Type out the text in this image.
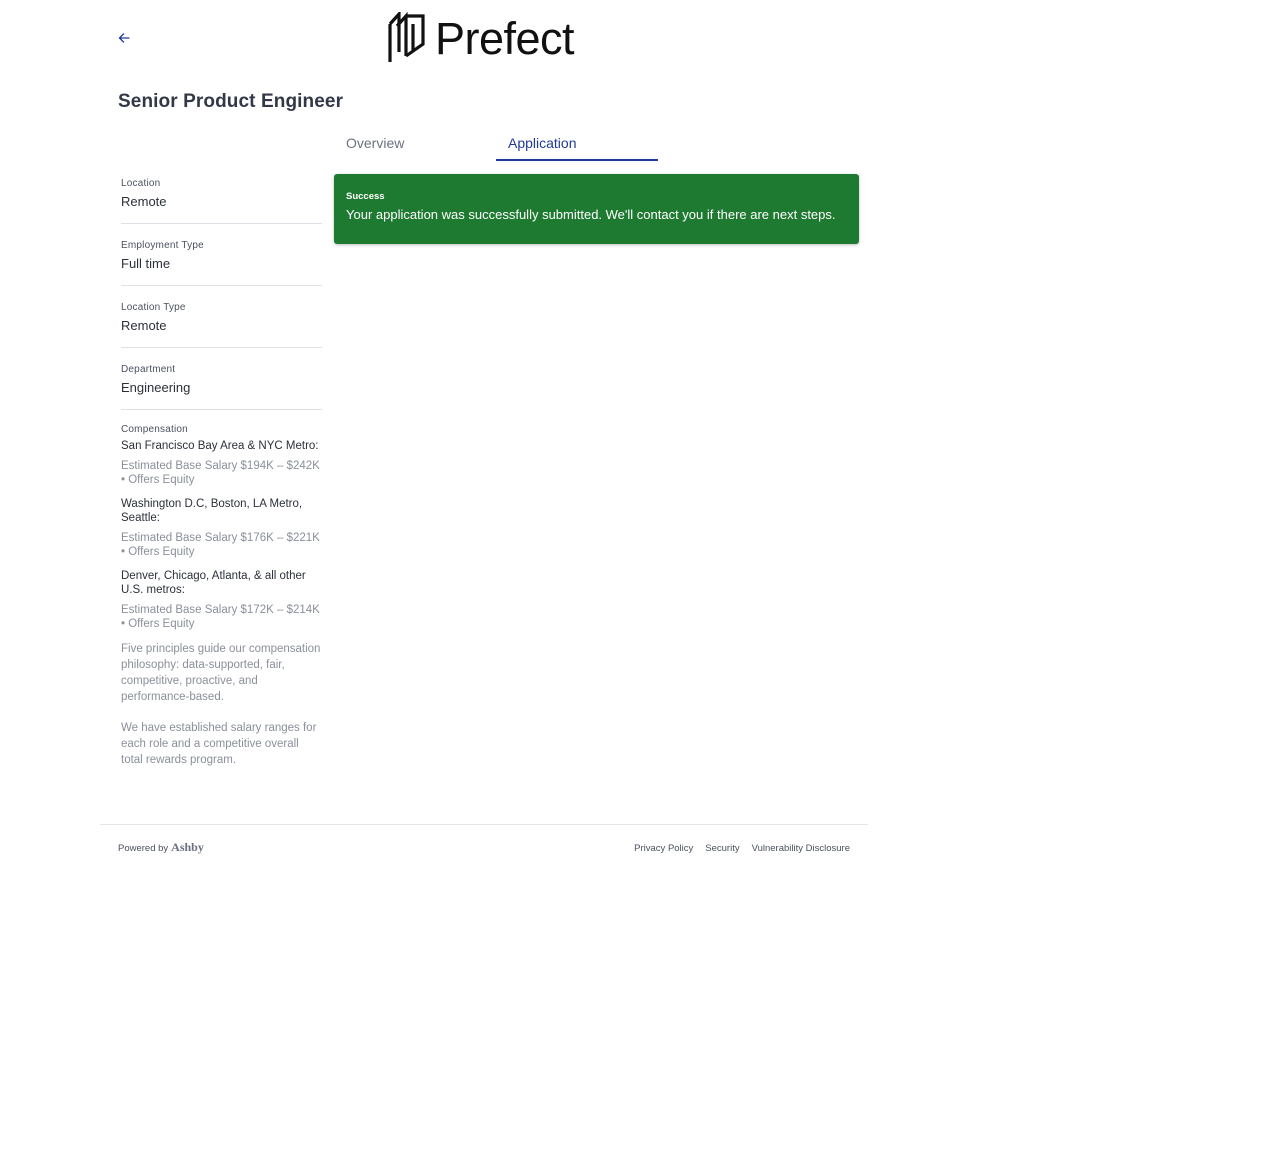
Prefect
Senior Product Engineer
Overview	Application
Location
Remote
Employment Type
Full time
Location Type
Remote
Department
Engineering
Compensation
San Francisco Bay Area & NYC Metro:
Estimated Base Salary $194K – $242K • Offers Equity
Washington D.C, Boston, LA Metro, Seattle:
Estimated Base Salary $176K – $221K • Offers Equity
Denver, Chicago, Atlanta, & all other U.S. metros:
Estimated Base Salary $172K – $214K • Offers Equity
Five principles guide our compensation philosophy: data-supported, fair, competitive, proactive, and performance-based.
We have established salary ranges for each role and a competitive overall total rewards program.
Success
Your application was successfully submitted. We'll contact you if there are next steps.
Powered by Ashby	Privacy Policy Security Vulnerability Disclosure
